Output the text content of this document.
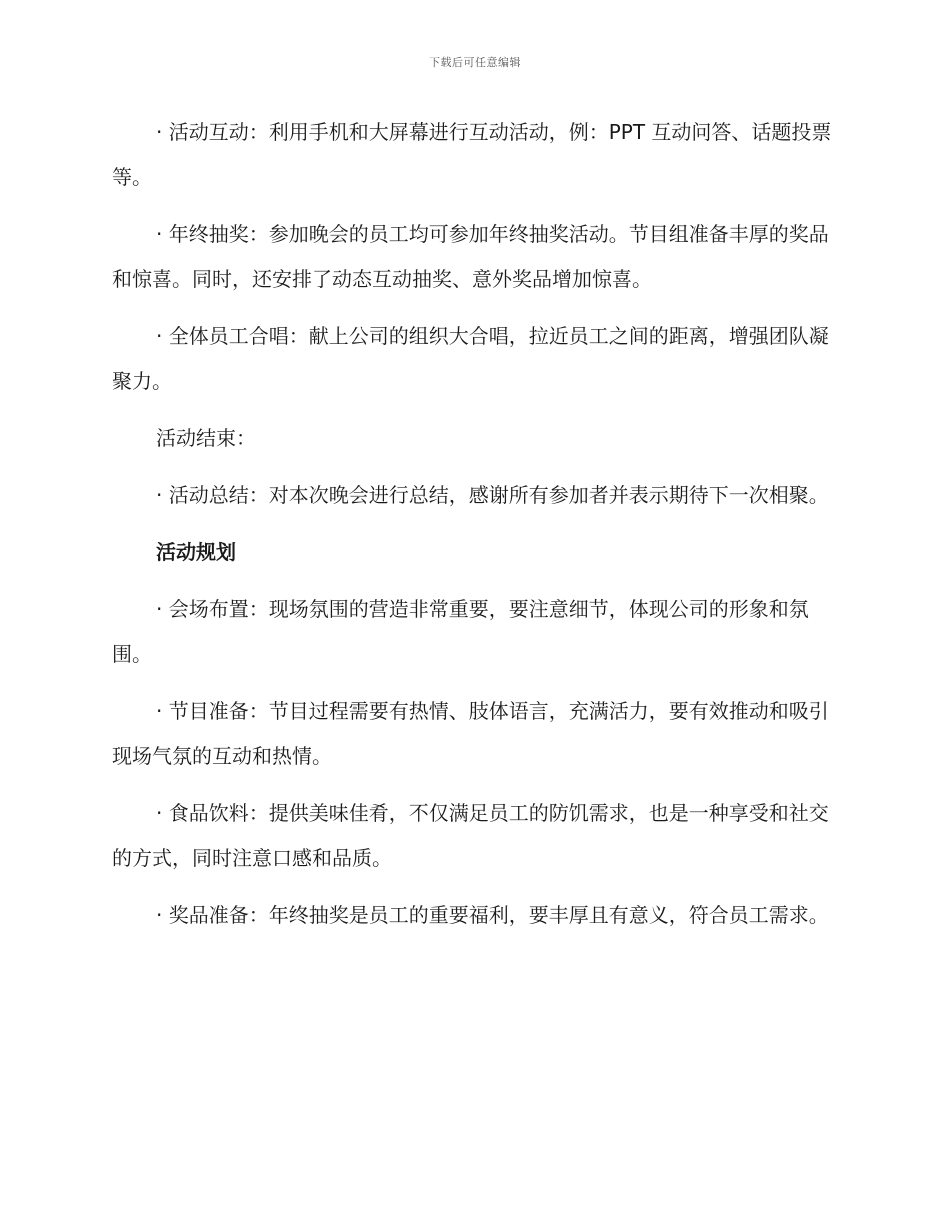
下载后可任意编辑

· 活动互动：利用手机和大屏幕进行互动活动，例：PPT 互动问答、话题投票等。

· 年终抽奖：参加晚会的员工均可参加年终抽奖活动。节目组准备丰厚的奖品和惊喜。同时，还安排了动态互动抽奖、意外奖品增加惊喜。

· 全体员工合唱：献上公司的组织大合唱，拉近员工之间的距离，增强团队凝聚力。

活动结束：

· 活动总结：对本次晚会进行总结，感谢所有参加者并表示期待下一次相聚。

活动规划

· 会场布置：现场氛围的营造非常重要，要注意细节，体现公司的形象和氛围。

· 节目准备：节目过程需要有热情、肢体语言，充满活力，要有效推动和吸引现场气氛的互动和热情。

· 食品饮料：提供美味佳肴，不仅满足员工的防饥需求，也是一种享受和社交的方式，同时注意口感和品质。

· 奖品准备：年终抽奖是员工的重要福利，要丰厚且有意义，符合员工需求。
